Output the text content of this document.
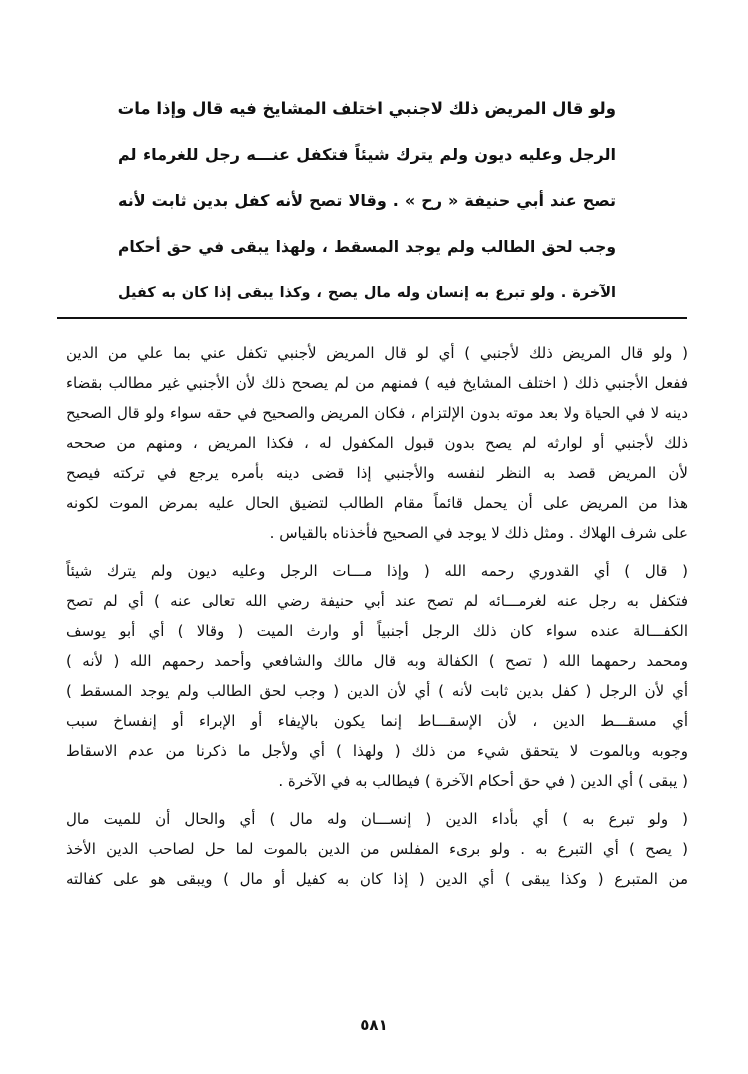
ولو قال المريض ذلك لاجنبي اختلف المشايخ فيه قال وإذا مات
الرجل وعليه ديون ولم يترك شيئاً فتكفل عنـــه رجل للغرماء لم
تصح عند أبي حنيفة « رح » . وقالا تصح لأنه كفل بدين ثابت لأنه
وجب لحق الطالب ولم يوجد المسقط ، ولهذا يبقى في حق أحكام
الآخرة . ولو تبرع به إنسان وله مال يصح ، وكذا يبقى إذا كان به كفيل
( ولو قال المريض ذلك لأجنبي ) أي لو قال المريض لأجنبي تكفل عني بما علي من الدين
ففعل الأجنبي ذلك ( اختلف المشايخ فيه ) فمنهم من لم يصحح ذلك لأن الأجنبي غير مطالب بقضاء
دينه لا في الحياة ولا بعد موته بدون الإلتزام ، فكان المريض والصحيح في حقه سواء ولو قال الصحيح
ذلك لأجنبي أو لوارثه لم يصح بدون قبول المكفول له ، فكذا المريض ، ومنهم من صححه
لأن المريض قصد به النظر لنفسه والأجنبي إذا قضى دينه بأمره يرجع في تركته فيصح
هذا من المريض على أن يحمل قائماً مقام الطالب لتضيق الحال عليه بمرض الموت لكونه
على شرف الهلاك . ومثل ذلك لا يوجد في الصحيح فأخذناه بالقياس .
( قال ) أي القدوري رحمه الله ( وإذا مـــات الرجل وعليه ديون ولم يترك شيئاً
فتكفل به رجل عنه لغرمـــائه لم تصح عند أبي حنيفة رضي الله تعالى عنه ) أي لم تصح
الكفـــالة عنده سواء كان ذلك الرجل أجنبياً أو وارث الميت ( وقالا ) أي أبو يوسف
ومحمد رحمهما الله ( تصح ) الكفالة وبه قال مالك والشافعي وأحمد رحمهم الله ( لأنه )
أي لأن الرجل ( كفل بدين ثابت لأنه ) أي لأن الدين ( وجب لحق الطالب ولم يوجد المسقط )
أي مسقـــط الدين ، لأن الإسقـــاط إنما يكون بالإيفاء أو الإبراء أو إنفساخ سبب
وجوبه وبالموت لا يتحقق شيء من ذلك ( ولهذا ) أي ولأجل ما ذكرنا من عدم الاسقاط
( يبقى ) أي الدين ( في حق أحكام الآخرة ) فيطالب به في الآخرة .
( ولو تبرع به ) أي بأداء الدين ( إنســـان وله مال ) أي والحال أن للميت مال
( يصح ) أي التبرع به . ولو برىء المفلس من الدين بالموت لما حل لصاحب الدين الأخذ
من المتبرع ( وكذا يبقى ) أي الدين ( إذا كان به كفيل أو مال ) ويبقى هو على كفالته
٥٨١
